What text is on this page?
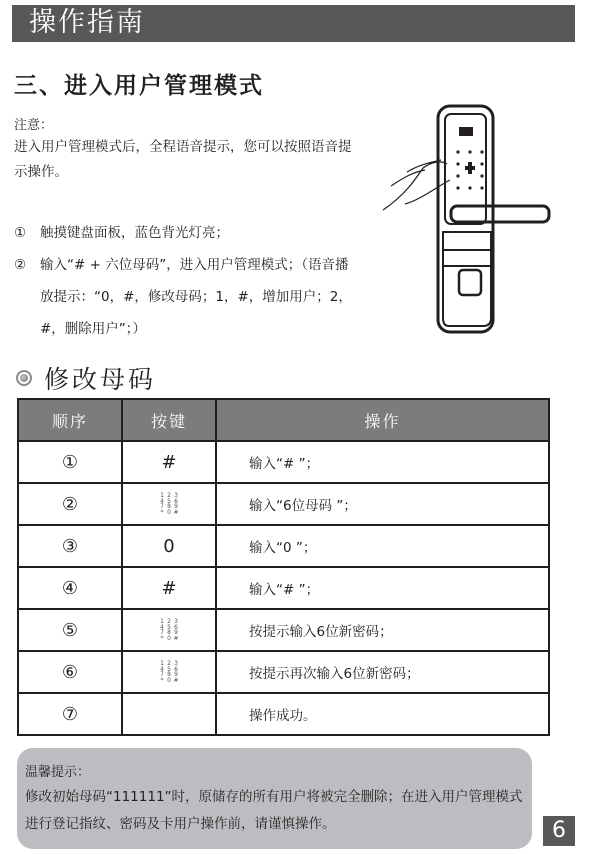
操作指南
三、进入用户管理模式
注意：
进入用户管理模式后，全程语音提示，您可以按照语音提示操作。
①	触摸键盘面板，蓝色背光灯亮；
②	输入“# + 六位母码”，进入用户管理模式；（语音播放提示：“0，#，修改母码；1，#，增加用户；2，#，删除用户”；）
修改母码
顺序	按键	操作
①	#	输入“# ”；
②	1 2 3
4 5 6
7 8 9
* 0 #	输入“6位母码 ”；
③	0	输入“0 ”；
④	#	输入“# ”；
⑤	1 2 3
4 5 6
7 8 9
* 0 #	按提示输入6位新密码；
⑥	1 2 3
4 5 6
7 8 9
* 0 #	按提示再次输入6位新密码；
⑦		操作成功。
温馨提示：
修改初始母码“111111”时，原储存的所有用户将被完全删除；在进入用户管理模式进行登记指纹、密码及卡用户操作前，请谨慎操作。	6
